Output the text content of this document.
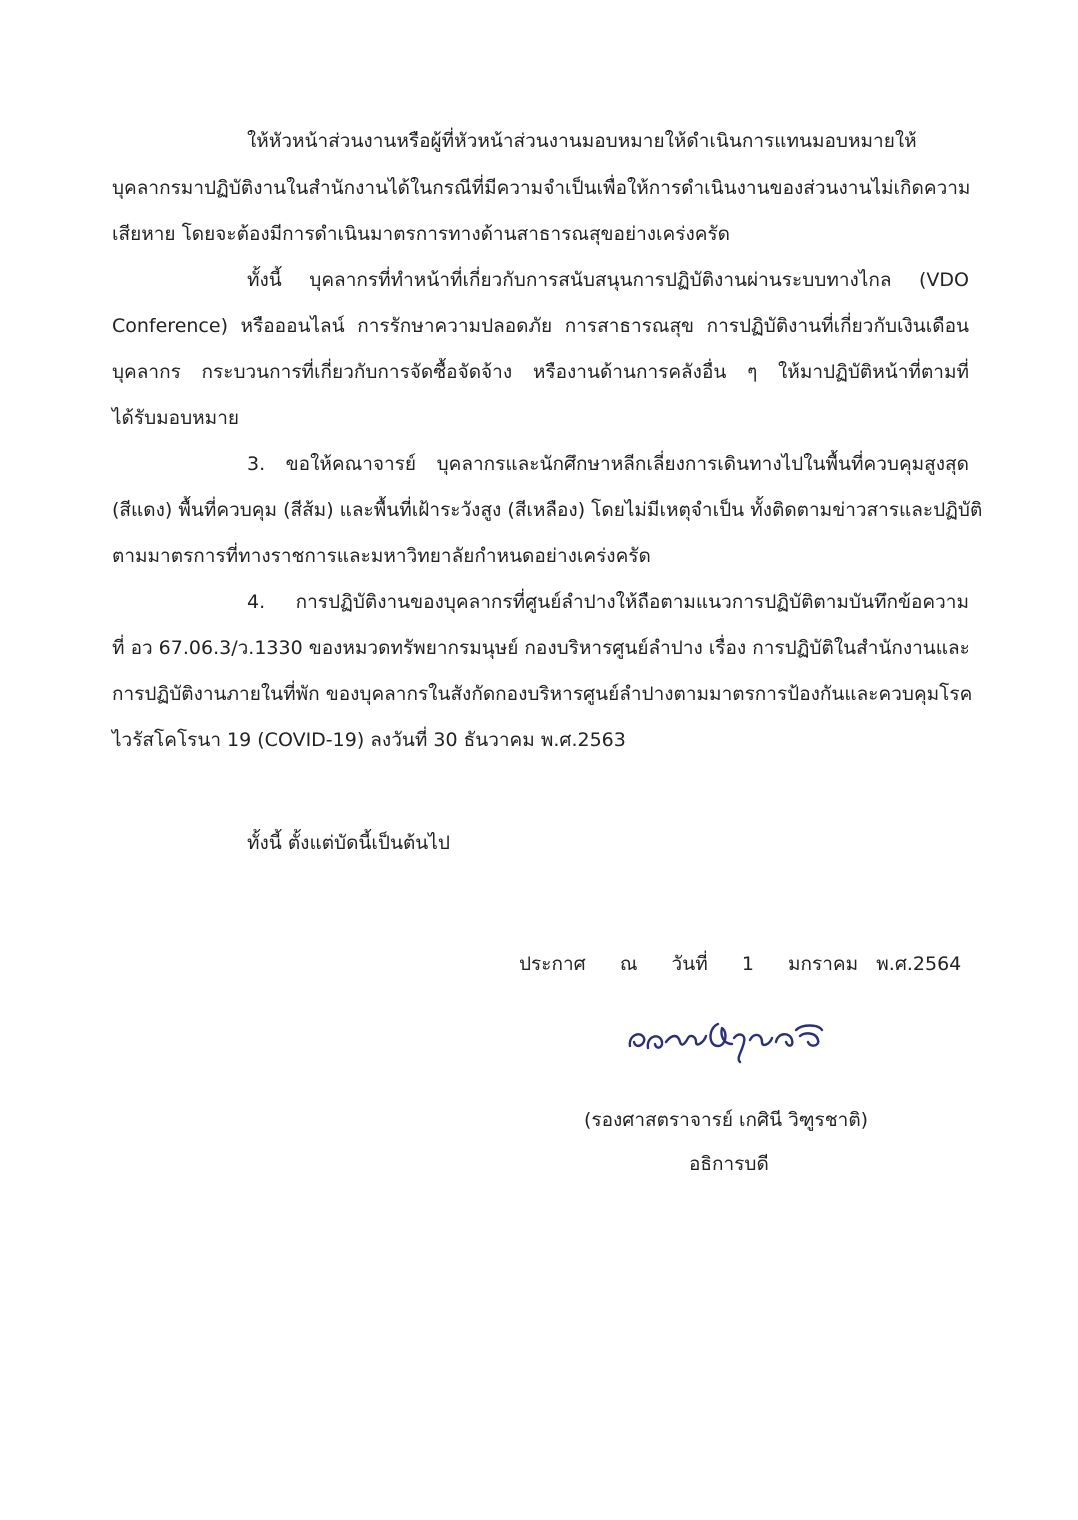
ให้หัวหน้าส่วนงานหรือผู้ที่หัวหน้าส่วนงานมอบหมายให้ดำเนินการแทนมอบหมายให้
บุคลากรมาปฏิบัติงานในสำนักงานได้ในกรณีที่มีความจำเป็นเพื่อให้การดำเนินงานของส่วนงานไม่เกิดความ
เสียหาย โดยจะต้องมีการดำเนินมาตรการทางด้านสาธารณสุขอย่างเคร่งครัด
ทั้งนี้ บุคลากรที่ทำหน้าที่เกี่ยวกับการสนับสนุนการปฏิบัติงานผ่านระบบทางไกล (VDO
Conference) หรือออนไลน์ การรักษาความปลอดภัย การสาธารณสุข การปฏิบัติงานที่เกี่ยวกับเงินเดือน
บุคลากร กระบวนการที่เกี่ยวกับการจัดซื้อจัดจ้าง หรืองานด้านการคลังอื่น ๆ ให้มาปฏิบัติหน้าที่ตามที่
ได้รับมอบหมาย
3. ขอให้คณาจารย์ บุคลากรและนักศึกษาหลีกเลี่ยงการเดินทางไปในพื้นที่ควบคุมสูงสุด
(สีแดง) พื้นที่ควบคุม (สีส้ม) และพื้นที่เฝ้าระวังสูง (สีเหลือง) โดยไม่มีเหตุจำเป็น ทั้งติดตามข่าวสารและปฏิบัติ
ตามมาตรการที่ทางราชการและมหาวิทยาลัยกำหนดอย่างเคร่งครัด
4. การปฏิบัติงานของบุคลากรที่ศูนย์ลำปางให้ถือตามแนวการปฏิบัติตามบันทึกข้อความ
ที่ อว 67.06.3/ว.1330 ของหมวดทรัพยากรมนุษย์ กองบริหารศูนย์ลำปาง เรื่อง การปฏิบัติในสำนักงานและ
การปฏิบัติงานภายในที่พัก ของบุคลากรในสังกัดกองบริหารศูนย์ลำปางตามมาตรการป้องกันและควบคุมโรค
ไวรัสโคโรนา 19 (COVID-19) ลงวันที่ 30 ธันวาคม พ.ศ.2563
ทั้งนี้ ตั้งแต่บัดนี้เป็นต้นไป
ประกาศ ณ วันที่ 1 มกราคม พ.ศ.2564
(รองศาสตราจารย์ เกศินี วิฑูรชาติ)
อธิการบดี
